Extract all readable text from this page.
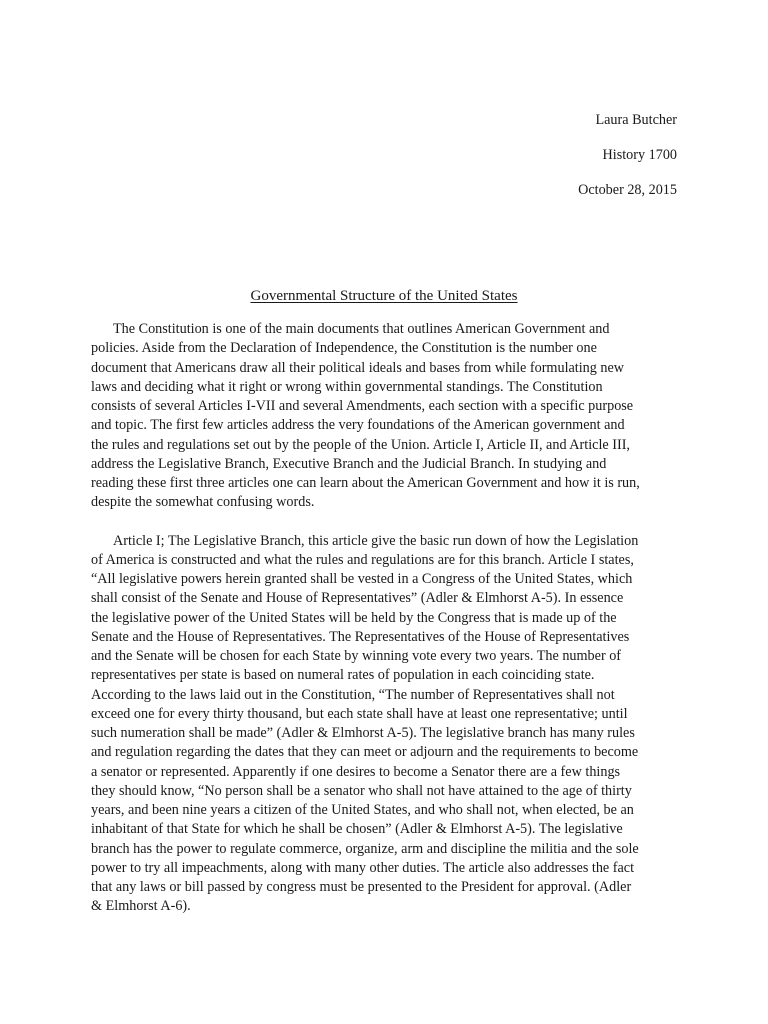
Laura Butcher
History 1700
October 28, 2015
Governmental Structure of the United States
The Constitution is one of the main documents that outlines American Government and
policies. Aside from the Declaration of Independence, the Constitution is the number one
document that Americans draw all their political ideals and bases from while formulating new
laws and deciding what it right or wrong within governmental standings. The Constitution
consists of several Articles I-VII and several Amendments, each section with a specific purpose
and topic. The first few articles address the very foundations of the American government and
the rules and regulations set out by the people of the Union. Article I, Article II, and Article III,
address the Legislative Branch, Executive Branch and the Judicial Branch. In studying and
reading these first three articles one can learn about the American Government and how it is run,
despite the somewhat confusing words.
Article I; The Legislative Branch, this article give the basic run down of how the Legislation
of America is constructed and what the rules and regulations are for this branch. Article I states,
“All legislative powers herein granted shall be vested in a Congress of the United States, which
shall consist of the Senate and House of Representatives” (Adler & Elmhorst A-5). In essence
the legislative power of the United States will be held by the Congress that is made up of the
Senate and the House of Representatives. The Representatives of the House of Representatives
and the Senate will be chosen for each State by winning vote every two years. The number of
representatives per state is based on numeral rates of population in each coinciding state.
According to the laws laid out in the Constitution, “The number of Representatives shall not
exceed one for every thirty thousand, but each state shall have at least one representative; until
such numeration shall be made” (Adler & Elmhorst A-5). The legislative branch has many rules
and regulation regarding the dates that they can meet or adjourn and the requirements to become
a senator or represented. Apparently if one desires to become a Senator there are a few things
they should know, “No person shall be a senator who shall not have attained to the age of thirty
years, and been nine years a citizen of the United States, and who shall not, when elected, be an
inhabitant of that State for which he shall be chosen” (Adler & Elmhorst A-5). The legislative
branch has the power to regulate commerce, organize, arm and discipline the militia and the sole
power to try all impeachments, along with many other duties. The article also addresses the fact
that any laws or bill passed by congress must be presented to the President for approval. (Adler
& Elmhorst A-6).
